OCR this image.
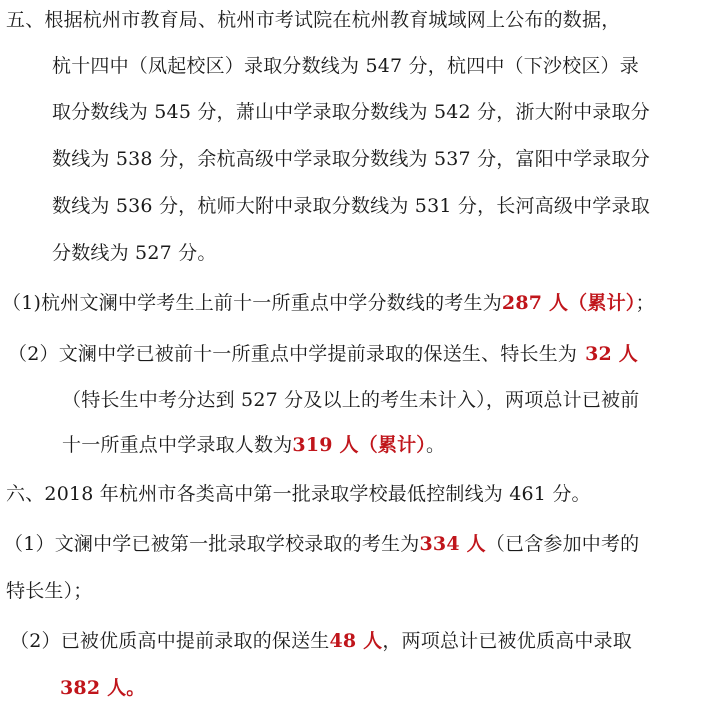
五、根据杭州市教育局、杭州市考试院在杭州教育城域网上公布的数据，
杭十四中（凤起校区）录取分数线为 547 分，杭四中（下沙校区）录
取分数线为 545 分，萧山中学录取分数线为 542 分，浙大附中录取分
数线为 538 分，余杭高级中学录取分数线为 537 分，富阳中学录取分
数线为 536 分，杭师大附中录取分数线为 531 分，长河高级中学录取
分数线为 527 分。
（1)杭州文澜中学考生上前十一所重点中学分数线的考生为287 人（累计）；
（2）文澜中学已被前十一所重点中学提前录取的保送生、特长生为 32 人
（特长生中考分达到 527 分及以上的考生未计入），两项总计已被前
十一所重点中学录取人数为319 人（累计）。
六、2018 年杭州市各类高中第一批录取学校最低控制线为 461 分。
（1）文澜中学已被第一批录取学校录取的考生为334 人（已含参加中考的
特长生）；
（2）已被优质高中提前录取的保送生48 人，两项总计已被优质高中录取
382 人。
